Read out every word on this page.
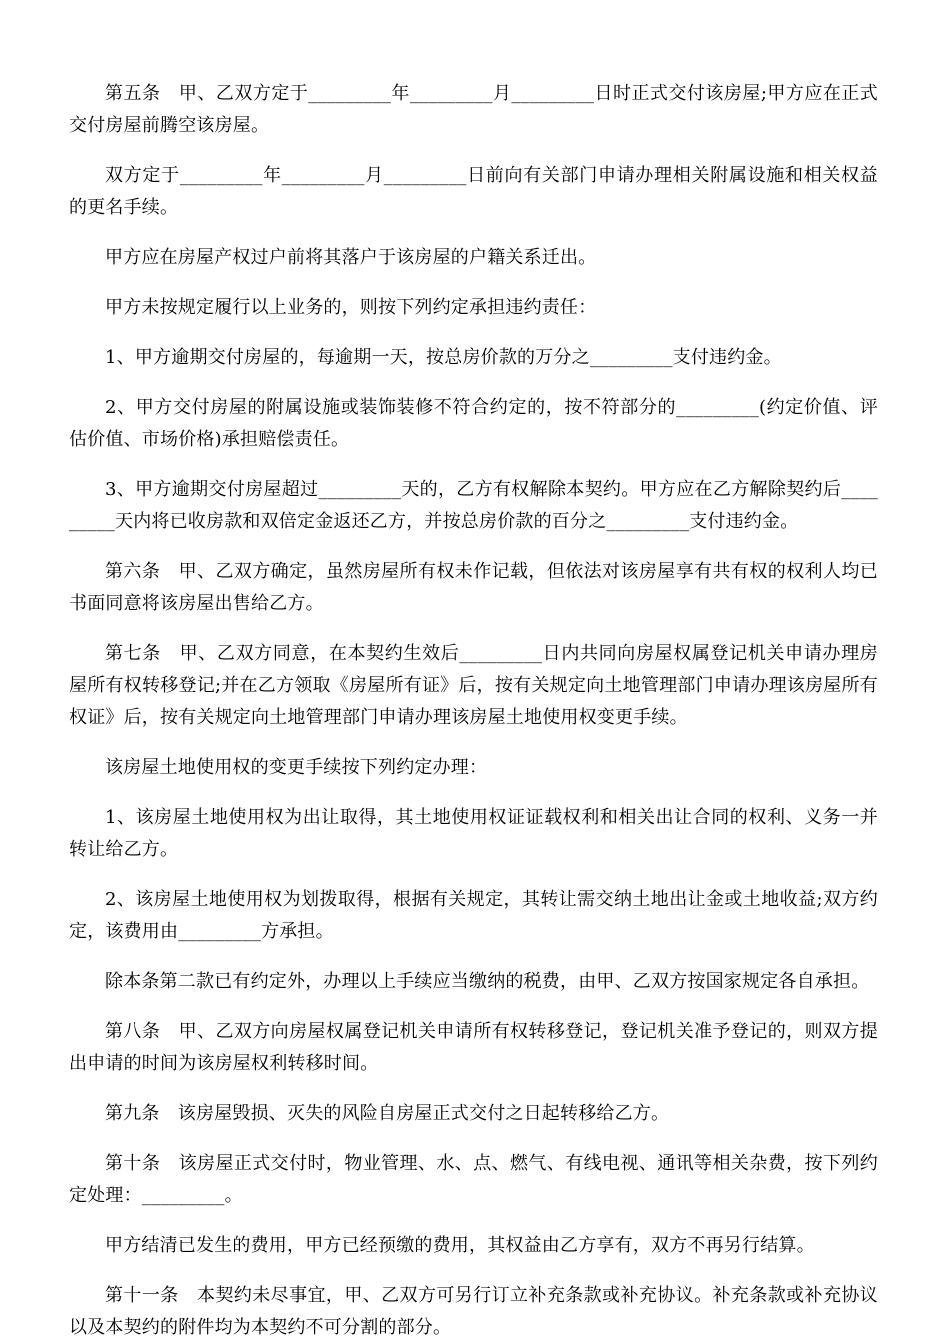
第五条　甲、乙双方定于_________年_________月_________日时正式交付该房屋;甲方应在正式交付房屋前腾空该房屋。

双方定于_________年_________月_________日前向有关部门申请办理相关附属设施和相关权益的更名手续。

甲方应在房屋产权过户前将其落户于该房屋的户籍关系迁出。

甲方未按规定履行以上业务的，则按下列约定承担违约责任：

1、甲方逾期交付房屋的，每逾期一天，按总房价款的万分之_________支付违约金。

2、甲方交付房屋的附属设施或装饰装修不符合约定的，按不符部分的_________(约定价值、评估价值、市场价格)承担赔偿责任。

3、甲方逾期交付房屋超过_________天的，乙方有权解除本契约。甲方应在乙方解除契约后_________天内将已收房款和双倍定金返还乙方，并按总房价款的百分之_________支付违约金。

第六条　甲、乙双方确定，虽然房屋所有权未作记载，但依法对该房屋享有共有权的权利人均已书面同意将该房屋出售给乙方。

第七条　甲、乙双方同意，在本契约生效后_________日内共同向房屋权属登记机关申请办理房屋所有权转移登记;并在乙方领取《房屋所有证》后，按有关规定向土地管理部门申请办理该房屋所有权证》后，按有关规定向土地管理部门申请办理该房屋土地使用权变更手续。

该房屋土地使用权的变更手续按下列约定办理：

1、该房屋土地使用权为出让取得，其土地使用权证证载权利和相关出让合同的权利、义务一并转让给乙方。

2、该房屋土地使用权为划拨取得，根据有关规定，其转让需交纳土地出让金或土地收益;双方约定，该费用由_________方承担。

除本条第二款已有约定外，办理以上手续应当缴纳的税费，由甲、乙双方按国家规定各自承担。

第八条　甲、乙双方向房屋权属登记机关申请所有权转移登记，登记机关准予登记的，则双方提出申请的时间为该房屋权利转移时间。

第九条　该房屋毁损、灭失的风险自房屋正式交付之日起转移给乙方。

第十条　该房屋正式交付时，物业管理、水、点、燃气、有线电视、通讯等相关杂费，按下列约定处理：_________。

甲方结清已发生的费用，甲方已经预缴的费用，其权益由乙方享有，双方不再另行结算。

第十一条　本契约未尽事宜，甲、乙双方可另行订立补充条款或补充协议。补充条款或补充协议以及本契约的附件均为本契约不可分割的部分。
